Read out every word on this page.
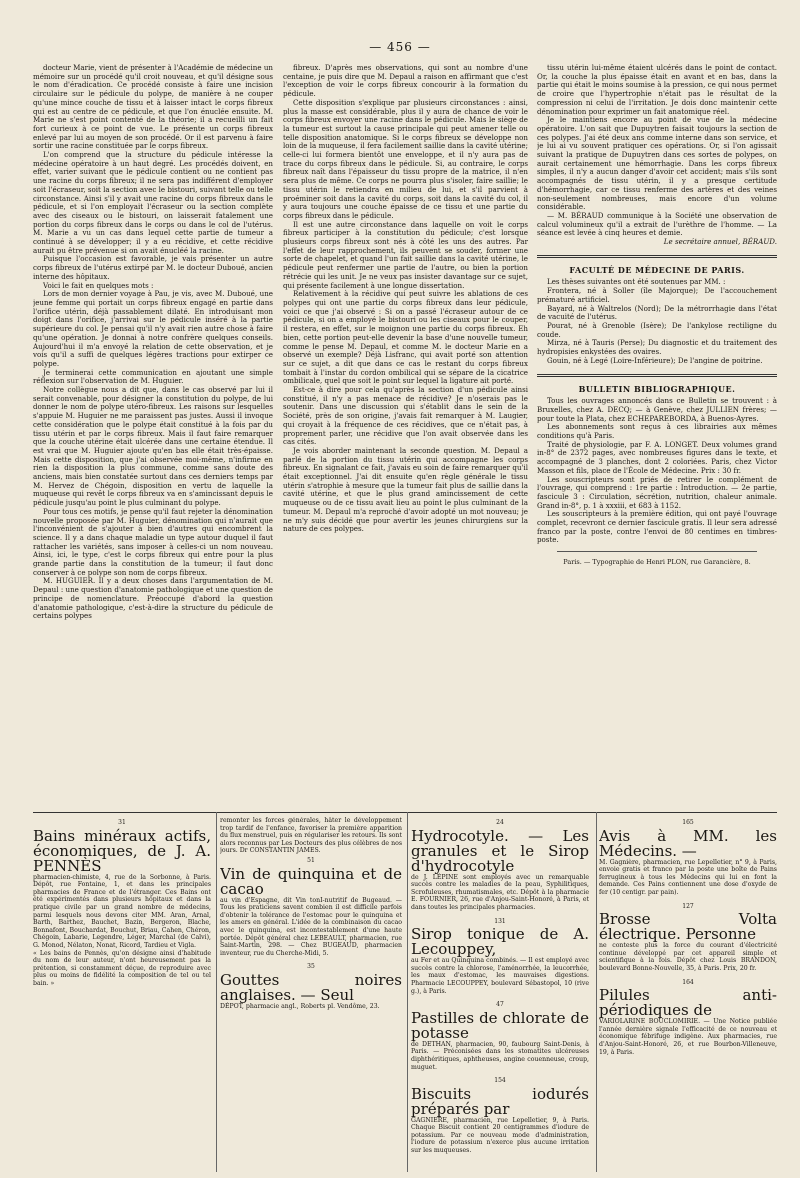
— 456 —

docteur Marie, vient de présenter à l'Académie de médecine un mémoire sur un procédé qu'il croit nouveau, et qu'il désigne sous le nom d'éradication. Ce procédé consiste à faire une incision circulaire sur le pédicule du polype, de manière à ne couper qu'une mince couche de tissu et à laisser intact le corps fibreux qui est au centre de ce pédicule, et que l'on énuclée ensuite. M. Marie ne s'est point contenté de la théorie; il a recueilli un fait fort curieux à ce point de vue. Le présente un corps fibreux enlevé par lui au moyen de son procédé. Or il est parvenu à faire sortir une racine constituée par le corps fibreux.

L'on comprend que la structure du pédicule intéresse la médecine opératoire à un haut degré. Les procédés doivent, en effet, varier suivant que le pédicule contient ou ne contient pas une racine du corps fibreux; il ne sera pas indifférent d'employer soit l'écraseur, soit la section avec le bistouri, suivant telle ou telle circonstance. Ainsi s'il y avait une racine du corps fibreux dans le pédicule, et si l'on employait l'écraseur ou la section complète avec des ciseaux ou le bistouri, on laisserait fatalement une portion du corps fibreux dans le corps ou dans le col de l'utérus. M. Marie a vu un cas dans lequel cette partie de tumeur a continué à se développer; il y a eu récidive, et cette récidive aurait pu être prévenue si on avait énucléé la racine.

Puisque l'occasion est favorable, je vais présenter un autre corps fibreux de l'utérus extirpé par M. le docteur Duboué, ancien interne des hôpitaux.

Voici le fait en quelques mots :

Lors de mon dernier voyage à Pau, je vis, avec M. Duboué, une jeune femme qui portait un corps fibreux engagé en partie dans l'orifice utérin, déjà passablement dilaté. En introduisant mon doigt dans l'orifice, j'arrivai sur le pédicule inséré à la partie supérieure du col. Je pensai qu'il n'y avait rien autre chose à faire qu'une opération. Je donnai à notre confrère quelques conseils. Aujourd'hui il m'a envoyé la relation de cette observation, et je vois qu'il a suffi de quelques légères tractions pour extirper ce polype.

Je terminerai cette communication en ajoutant une simple réflexion sur l'observation de M. Huguier.

Notre collègue nous a dit que, dans le cas observé par lui il serait convenable, pour désigner la constitution du polype, de lui donner le nom de polype utéro-fibreux. Les raisons sur lesquelles s'appuie M. Huguier ne me paraissent pas justes. Aussi il invoque cette considération que le polype était constitué à la fois par du tissu utérin et par le corps fibreux. Mais il faut faire remarquer que la couche utérine était ulcérée dans une certaine étendue. Il est vrai que M. Huguier ajoute qu'en bas elle était très-épaisse. Mais cette disposition, que j'ai observée moi-même, n'infirme en rien la disposition la plus commune, comme sans doute des anciens, mais bien constatée surtout dans ces derniers temps par M. Hervez de Chégoin, disposition en vertu de laquelle la muqueuse qui revêt le corps fibreux va en s'amincissant depuis le pédicule jusqu'au point le plus culminant du polype.

Pour tous ces motifs, je pense qu'il faut rejeter la dénomination nouvelle proposée par M. Huguier, dénomination qui n'aurait que l'inconvénient de s'ajouter à bien d'autres qui encombrent la science. Il y a dans chaque maladie un type autour duquel il faut rattacher les variétés, sans imposer à celles-ci un nom nouveau. Ainsi, ici, le type, c'est le corps fibreux qui entre pour la plus grande partie dans la constitution de la tumeur; il faut donc conserver à ce polype son nom de corps fibreux.

M. HUGUIER. Il y a deux choses dans l'argumentation de M. Depaul : une question d'anatomie pathologique et une question de principe de nomenclature. Préoccupé d'abord la question d'anatomie pathologique, c'est-à-dire la structure du pédicule de certains polypes

fibreux. D'après mes observations, qui sont au nombre d'une centaine, je puis dire que M. Depaul a raison en affirmant que c'est l'exception de voir le corps fibreux concourir à la formation du pédicule.

Cette disposition s'explique par plusieurs circonstances : ainsi, plus la masse est considérable, plus il y aura de chance de voir le corps fibreux envoyer une racine dans le pédicule. Mais le siège de la tumeur est surtout la cause principale qui peut amener telle ou telle disposition anatomique. Si le corps fibreux se développe non loin de la muqueuse, il fera facilement saillie dans la cavité utérine; celle-ci lui formera bientôt une enveloppe, et il n'y aura pas de trace du corps fibreux dans le pédicule. Si, au contraire, le corps fibreux naît dans l'épaisseur du tissu propre de la matrice, il n'en sera plus de même. Ce corps ne pourra plus s'isoler, faire saillie; le tissu utérin le retiendra en milieu de lui, et s'il parvient à proéminer soit dans la cavité du corps, soit dans la cavité du col, il y aura toujours une couche épaisse de ce tissu et une partie du corps fibreux dans le pédicule.

Il est une autre circonstance dans laquelle on voit le corps fibreux participer à la constitution du pédicule; c'est lorsque plusieurs corps fibreux sont nés à côté les uns des autres. Par l'effet de leur rapprochement, ils peuvent se souder, former une sorte de chapelet, et quand l'un fait saillie dans la cavité utérine, le pédicule peut renfermer une partie de l'autre, ou bien la portion rétrécie qui les unit. Je ne veux pas insister davantage sur ce sujet, qui présente facilement à une longue dissertation.

Relativement à la récidive qui peut suivre les ablations de ces polypes qui ont une partie du corps fibreux dans leur pédicule, voici ce que j'ai observé : Si on a passé l'écraseur autour de ce pédicule, si on a employé le bistouri ou les ciseaux pour le couper, il restera, en effet, sur le moignon une partie du corps fibreux. Eh bien, cette portion peut-elle devenir la base d'une nouvelle tumeur, comme le pense M. Depaul, et comme M. le docteur Marie en a observé un exemple? Déjà Lisfranc, qui avait porté son attention sur ce sujet, a dit que dans ce cas le restant du corps fibreux tombait à l'instar du cordon ombilical qui se sépare de la cicatrice ombilicale, quel que soit le point sur lequel la ligature ait porté.

Est-ce à dire pour cela qu'après la section d'un pédicule ainsi constitué, il n'y a pas menace de récidive? Je n'oserais pas le soutenir. Dans une discussion qui s'établit dans le sein de la Société, près de son origine, j'avais fait remarquer à M. Laugier, qui croyait à la fréquence de ces récidives, que ce n'était pas, à proprement parler, une récidive que l'on avait observée dans les cas cités.

Je vois aborder maintenant la seconde question. M. Depaul a parlé de la portion du tissu utérin qui accompagne les corps fibreux. En signalant ce fait, j'avais eu soin de faire remarquer qu'il était exceptionnel. J'ai dit ensuite qu'en règle générale le tissu utérin s'atrophie à mesure que la tumeur fait plus de saillie dans la cavité utérine, et que le plus grand amincissement de cette muqueuse ou de ce tissu avait lieu au point le plus culminant de la tumeur. M. Depaul m'a reproché d'avoir adopté un mot nouveau; je ne m'y suis décidé que pour avertir les jeunes chirurgiens sur la nature de ces polypes.

tissu utérin lui-même étaient ulcérés dans le point de contact. Or, la couche la plus épaisse était en avant et en bas, dans la partie qui était le moins soumise à la pression, ce qui nous permet de croire que l'hypertrophie n'était pas le résultat de la compression ni celui de l'irritation. Je dois donc maintenir cette dénomination pour exprimer un fait anatomique réel.

Je le maintiens encore au point de vue de la médecine opératoire. L'on sait que Dupuytren faisait toujours la section de ces polypes. J'ai été deux ans comme interne dans son service, et je lui ai vu souvent pratiquer ces opérations. Or, si l'on agissait suivant la pratique de Dupuytren dans ces sortes de polypes, on aurait certainement une hémorrhagie. Dans les corps fibreux simples, il n'y a aucun danger d'avoir cet accident; mais s'ils sont accompagnés de tissu utérin, il y a presque certitude d'hémorrhagie, car ce tissu renferme des artères et des veines non-seulement nombreuses, mais encore d'un volume considérable.

— M. BÉRAUD communique à la Société une observation de calcul volumineux qu'il a extrait de l'urèthre de l'homme. — La séance est levée à cinq heures et demie.

Le secrétaire annuel, BÉRAUD.

FACULTÉ DE MÉDECINE DE PARIS.

Les thèses suivantes ont été soutenues par MM. :

Frontera, né à Soller (île Majorque); De l'accouchement prématuré artificiel.

Bayard, né à Waltrelos (Nord); De la métrorrhagie dans l'état de vacuité de l'utérus.

Pourat, né à Grenoble (Isère); De l'ankylose rectiligne du coude.

Mirza, né à Tauris (Perse); Du diagnostic et du traitement des hydropisies enkystées des ovaires.

Gouin, né à Legé (Loire-Inférieure); De l'angine de poitrine.

BULLETIN BIBLIOGRAPHIQUE.

Tous les ouvrages annoncés dans ce Bulletin se trouvent : à Bruxelles, chez A. DECQ; — à Genève, chez JULLIEN frères; — pour toute la Plata, chez ECHEPAREBORDA, à Buenos-Ayres.

Les abonnements sont reçus à ces librairies aux mêmes conditions qu'à Paris.

Traité de physiologie, par F. A. LONGET. Deux volumes grand in-8° de 2372 pages, avec nombreuses figures dans le texte, et accompagné de 3 planches, dont 2 coloriées. Paris, chez Victor Masson et fils, place de l'École de Médecine. Prix : 30 fr.

Les souscripteurs sont priés de retirer le complément de l'ouvrage, qui comprend : 1re partie : Introduction. — 2e partie, fascicule 3 : Circulation, sécrétion, nutrition, chaleur animale. Grand in-8°, p. 1 à xxxiii, et 683 à 1152.

Les souscripteurs à la première édition, qui ont payé l'ouvrage complet, recevront ce dernier fascicule gratis. Il leur sera adressé franco par la poste, contre l'envoi de 80 centimes en timbres-poste.

Paris. — Typographie de Henri PLON, rue Garancière, 8.
31
Bains minéraux actifs, économiques, de J. A. PENNÈS
pharmacien-chimiste, 4, rue de la Sorbonne, à Paris. Dépôt, rue Fontaine, 1, et dans les principales pharmacies de France et de l'étranger. Ces Bains ont été expérimentés dans plusieurs hôpitaux et dans la pratique civile par un grand nombre de médecins, parmi lesquels nous devons citer MM. Aran, Arnal, Barth, Barthez, Bauchet, Bazin, Bergeron, Blache, Bonnafont, Bouchardat, Bouchut, Briau, Cahen, Chéron, Chégoin, Labarie, Legendre, Léger, Marchal (de Calvi), G. Monod, Nélaton, Nonat, Ricord, Tardieu et Vigla.
« Les bains de Pennès, qu'on désigne ainsi d'habitude du nom de leur auteur, n'ont heureusement pas la prétention, si constamment déçue, de reproduire avec plus ou moins de fidélité la composition de tel ou tel bain. »
remonter les forces générales, hâter le développement trop tardif de l'enfance, favoriser la première apparition du flux menstruel, puis en régulariser les retours. Ils sont alors reconnus par Les Docteurs des plus célèbres de nos jours. Dr CONSTANTIN JAMES.
51
Vin de quinquina et de cacao
au vin d'Espagne, dit Vin tonI-nutritif de Bugeaud. — Tous les praticiens savent combien il est difficile parfois d'obtenir la tolérance de l'estomac pour le quinquina et les amers en général. L'idée de la combinaison du cacao avec le quinquina, est incontestablement d'une haute portée. Dépôt général chez LEBEAULT, pharmacien, rue Saint-Martin, 298. — Chez BUGEAUD, pharmacien inventeur, rue du Cherche-Midi, 5.
35
Gouttes noires anglaises. — Seul
DÉPOT, pharmacie angl., Roberts pl. Vendôme, 23.
24
Hydrocotyle. — Les granules et le Sirop d'hydrocotyle
de J. LÉPINE sont employés avec un remarquable succès contre les maladies de la peau, Syphilitiques, Scrofuleuses, rhumatismales, etc. Dépôt à la pharmacie E. FOURNIER, 26, rue d'Anjou-Saint-Honoré, à Paris, et dans toutes les principales pharmacies.
131
Sirop tonique de A. Lecouppey,
au Fer et au Quinquina combinés. — Il est employé avec succès contre la chlorose, l'aménorrhée, la leucorrhée, les maux d'estomac, les mauvaises digestions. Pharmacie LECOUPPEY, boulevard Sébastopol, 10 (rive g.), à Paris.
47
Pastilles de chlorate de potasse
de DETHAN, pharmacien, 90, faubourg Saint-Denis, à Paris. — Préconisées dans les stomatites ulcéreuses diphthéritiques, aphtheuses, angine couenneuse, croup, muguet.
154
Biscuits iodurés préparés par
GAGNIERE, pharmacien, rue Lepelletier, 9, à Paris. Chaque Biscuit contient 20 centigrammes d'iodure de potassium. Par ce nouveau mode d'administration, l'iodure de potassium n'exerce plus aucune irritation sur les muqueuses.
165
Avis à MM. les Médecins. —
M. Gagnière, pharmacien, rue Lepelletier, n° 9, à Paris, envoie gratis et franco par la poste une boîte de Pains ferrugineux à tous les Médecins qui lui en font la demande. Ces Pains contiennent une dose d'oxyde de fer (10 centigr. par pain).
127
Brosse Volta électrique. Personne
ne conteste plus la force du courant d'électricité continue développé par cet appareil simple et scientifique à la fois. Dépôt chez Louis BRANDON, boulevard Bonne-Nouvelle, 35, à Paris. Prix, 20 fr.
164
Pilules anti-périodiques de
VARIOLARINE BOUCLOMIRIE. — Une Notice publiée l'année dernière signale l'efficacité de ce nouveau et économique fébrifuge indigène. Aux pharmacies, rue d'Anjou-Saint-Honoré, 26, et rue Bourbon-Villeneuve, 19, à Paris.
